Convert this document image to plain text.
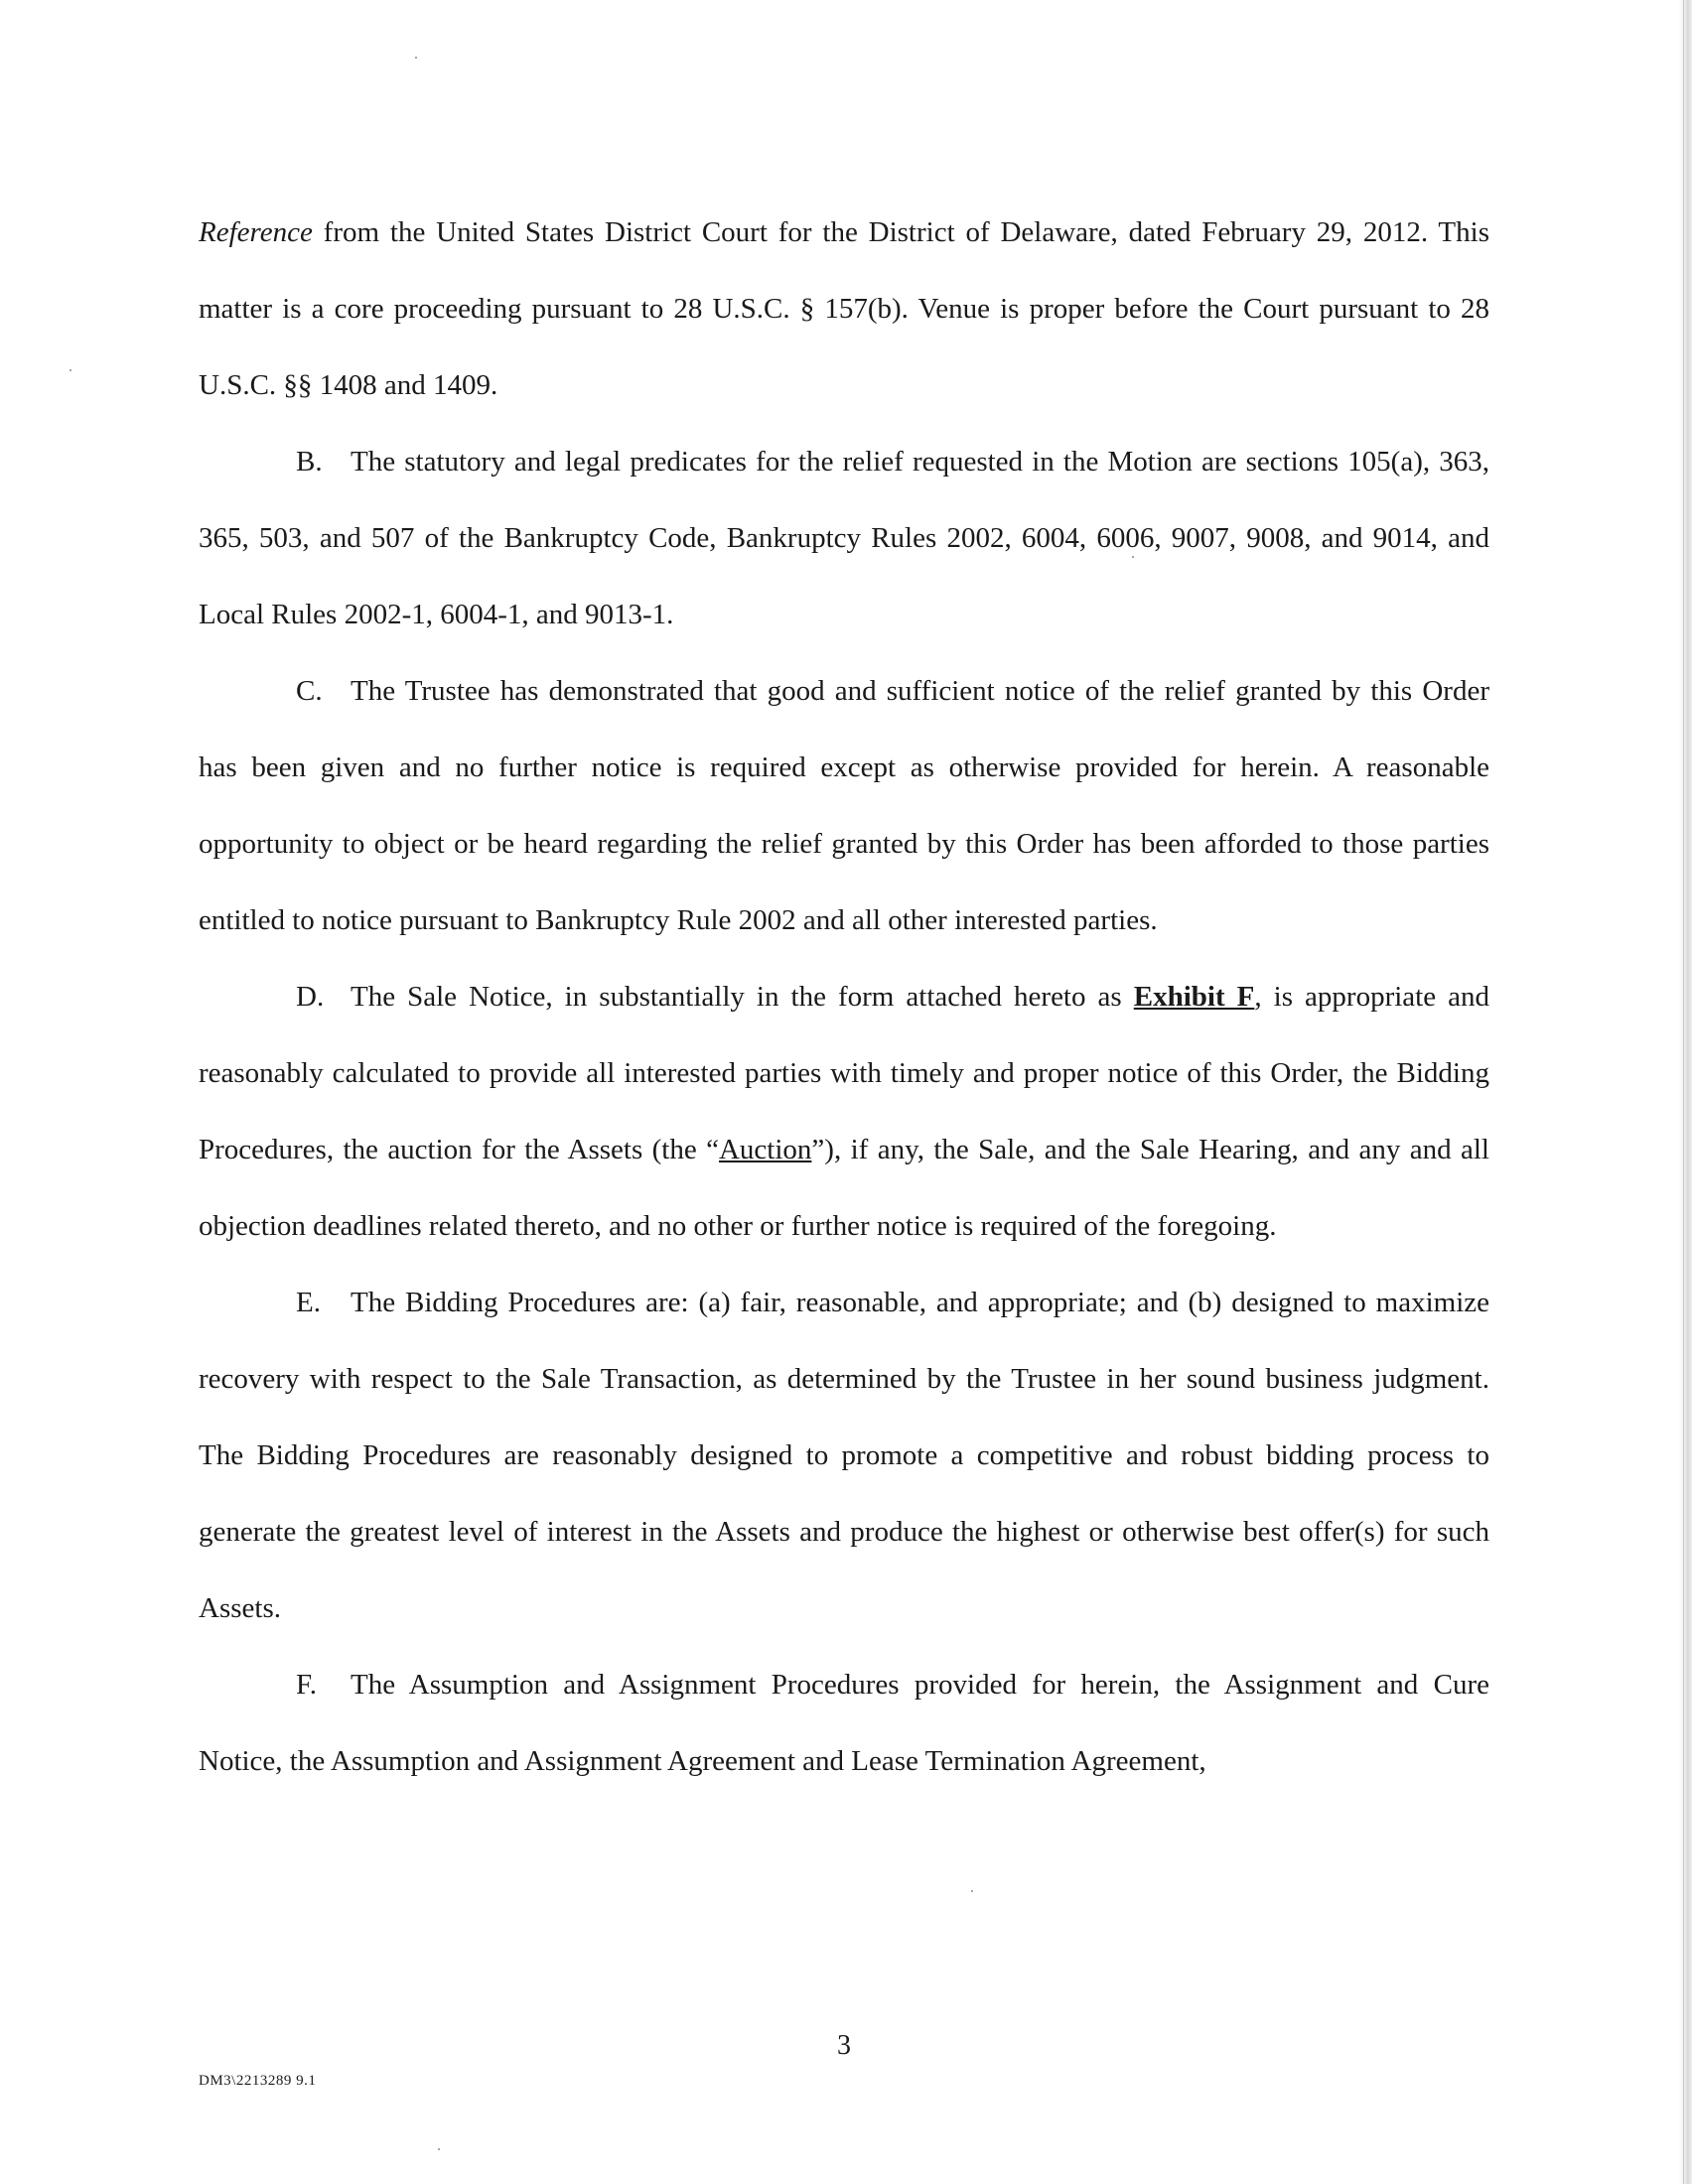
Reference from the United States District Court for the District of Delaware, dated February 29, 2012. This matter is a core proceeding pursuant to 28 U.S.C. § 157(b). Venue is proper before the Court pursuant to 28 U.S.C. §§ 1408 and 1409.

B. The statutory and legal predicates for the relief requested in the Motion are sections 105(a), 363, 365, 503, and 507 of the Bankruptcy Code, Bankruptcy Rules 2002, 6004, 6006, 9007, 9008, and 9014, and Local Rules 2002-1, 6004-1, and 9013-1.

C. The Trustee has demonstrated that good and sufficient notice of the relief granted by this Order has been given and no further notice is required except as otherwise provided for herein. A reasonable opportunity to object or be heard regarding the relief granted by this Order has been afforded to those parties entitled to notice pursuant to Bankruptcy Rule 2002 and all other interested parties.

D. The Sale Notice, in substantially in the form attached hereto as Exhibit F, is appropriate and reasonably calculated to provide all interested parties with timely and proper notice of this Order, the Bidding Procedures, the auction for the Assets (the “Auction”), if any, the Sale, and the Sale Hearing, and any and all objection deadlines related thereto, and no other or further notice is required of the foregoing.

E. The Bidding Procedures are: (a) fair, reasonable, and appropriate; and (b) designed to maximize recovery with respect to the Sale Transaction, as determined by the Trustee in her sound business judgment. The Bidding Procedures are reasonably designed to promote a competitive and robust bidding process to generate the greatest level of interest in the Assets and produce the highest or otherwise best offer(s) for such Assets.

F. The Assumption and Assignment Procedures provided for herein, the Assignment and Cure Notice, the Assumption and Assignment Agreement and Lease Termination Agreement,

3
DM3\2213289 9.1
